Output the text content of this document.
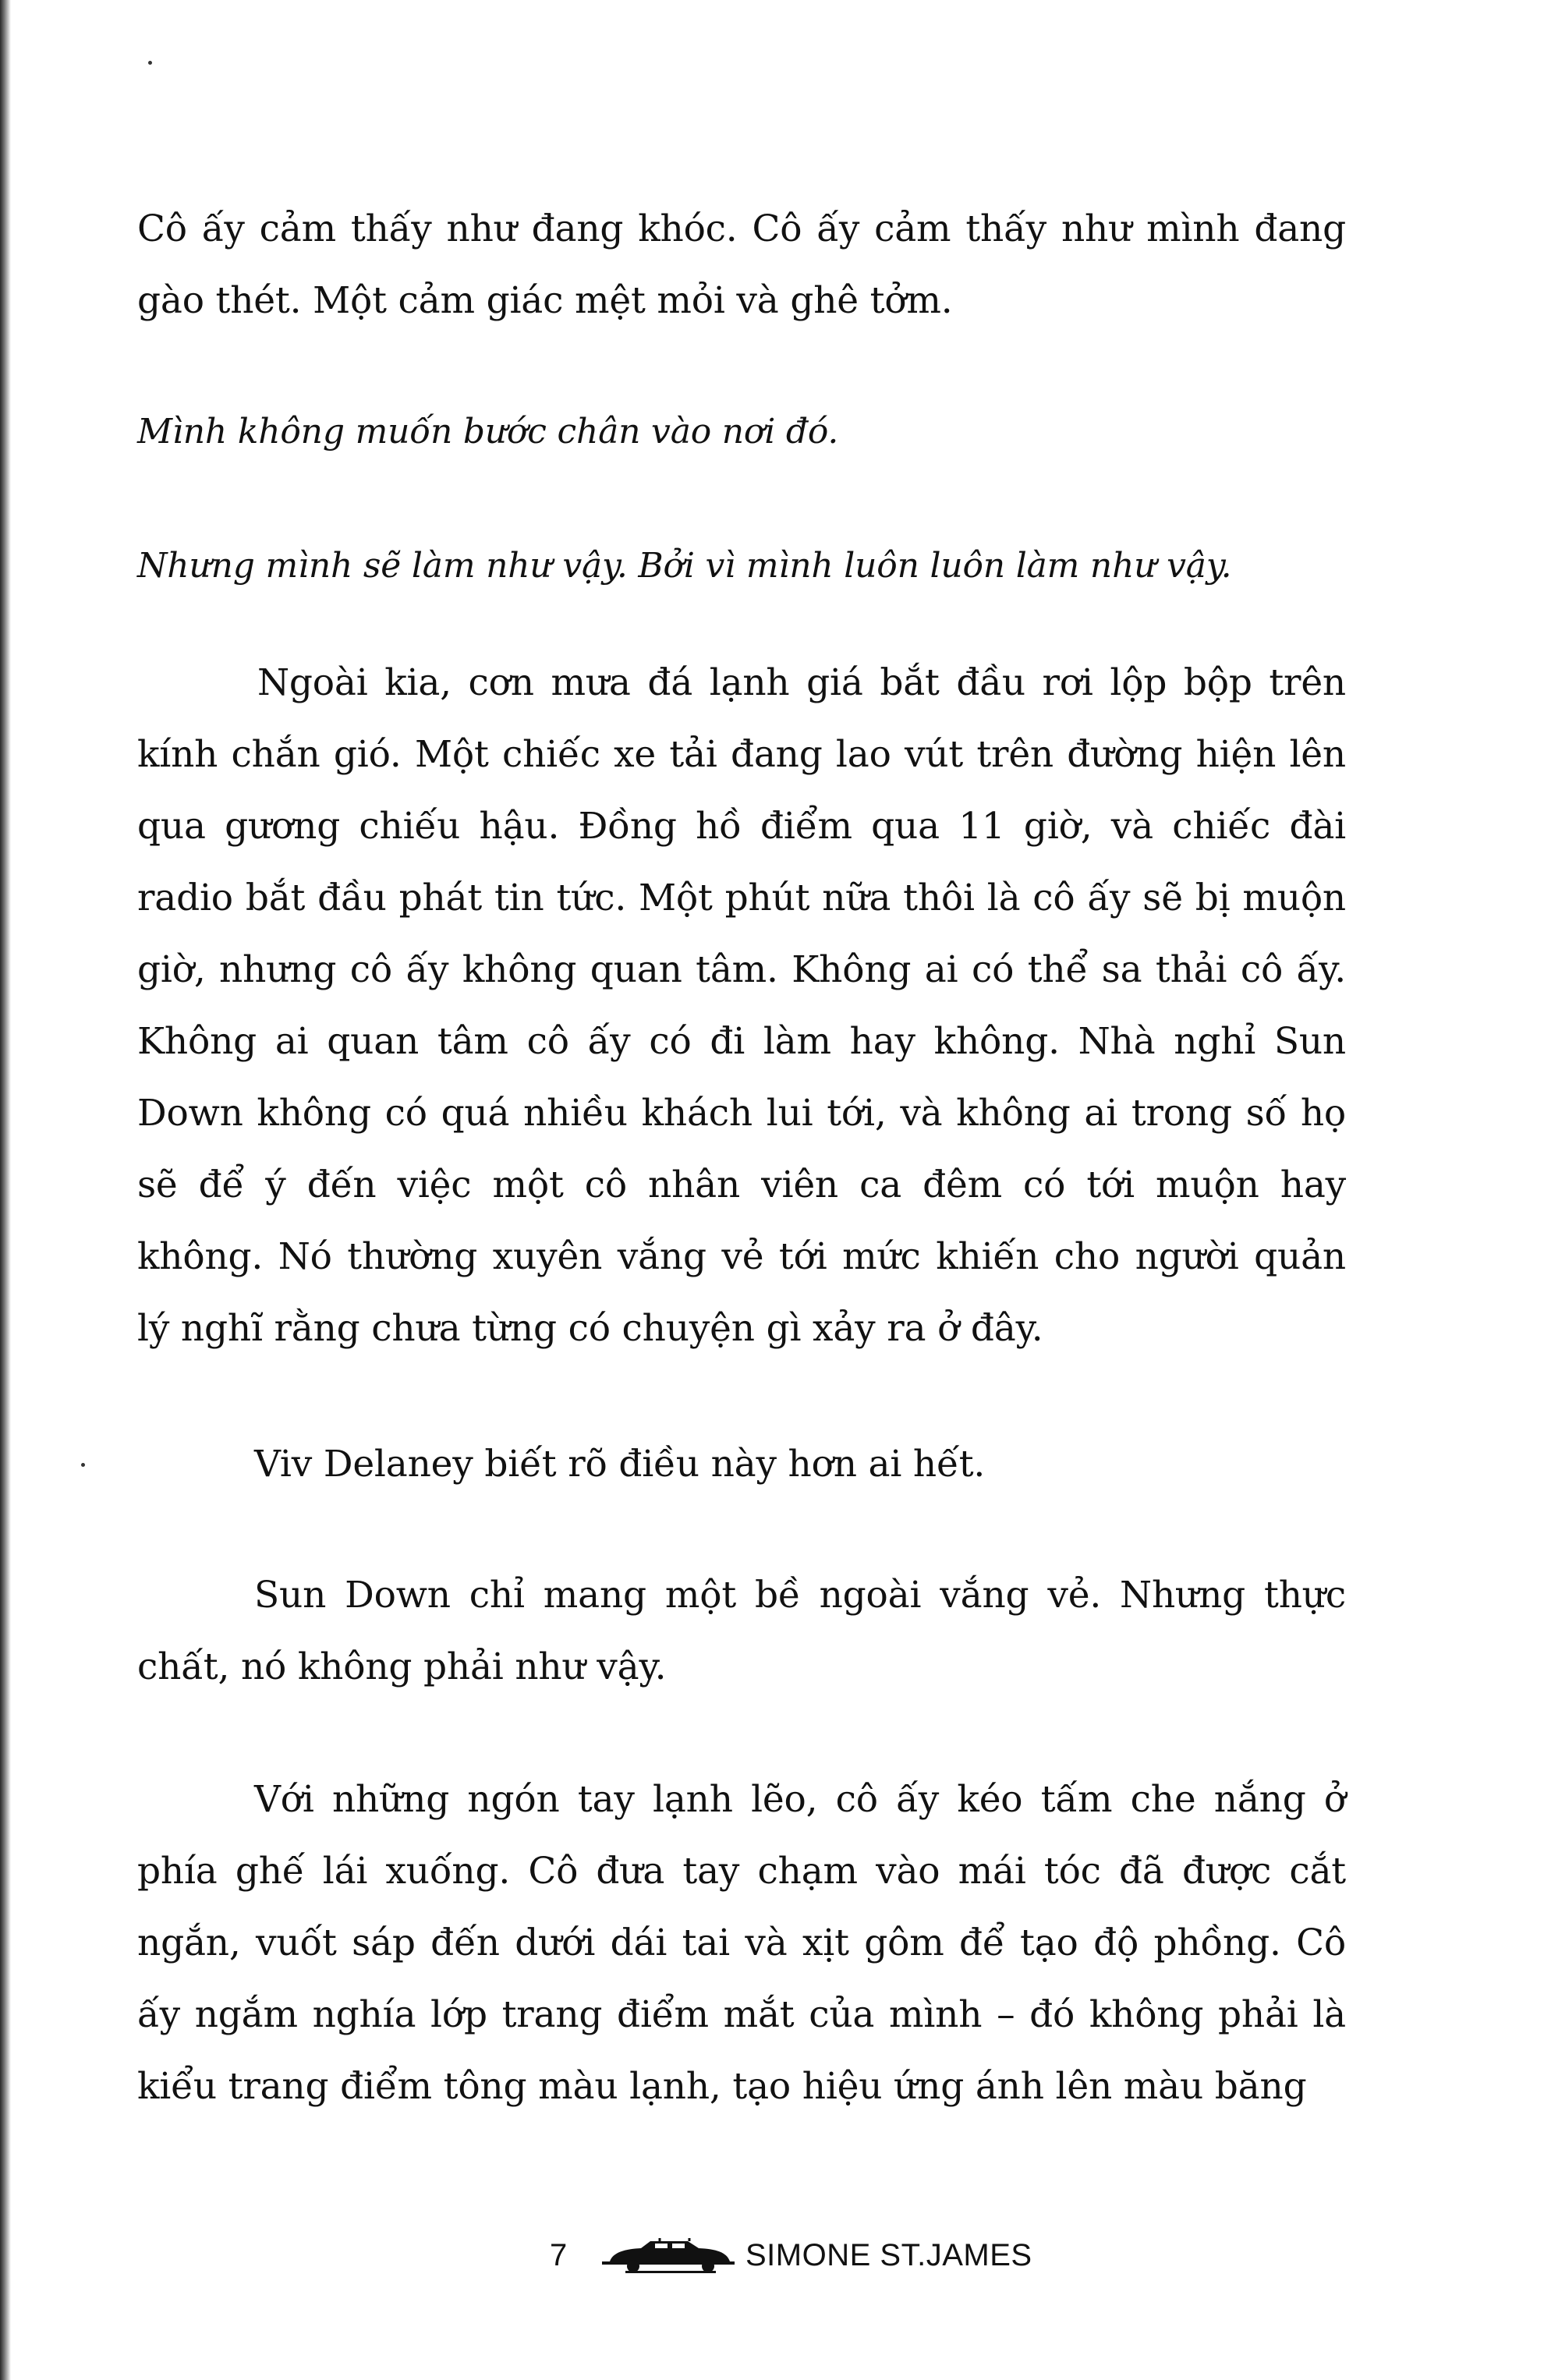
Cô ấy cảm thấy như đang khóc. Cô ấy cảm thấy như mình đang gào thét. Một cảm giác mệt mỏi và ghê tởm.
Mình không muốn bước chân vào nơi đó.
Nhưng mình sẽ làm như vậy. Bởi vì mình luôn luôn làm như vậy.
Ngoài kia, cơn mưa đá lạnh giá bắt đầu rơi lộp bộp trên kính chắn gió. Một chiếc xe tải đang lao vút trên đường hiện lên qua gương chiếu hậu. Đồng hồ điểm qua 11 giờ, và chiếc đài radio bắt đầu phát tin tức. Một phút nữa thôi là cô ấy sẽ bị muộn giờ, nhưng cô ấy không quan tâm. Không ai có thể sa thải cô ấy. Không ai quan tâm cô ấy có đi làm hay không. Nhà nghỉ Sun Down không có quá nhiều khách lui tới, và không ai trong số họ sẽ để ý đến việc một cô nhân viên ca đêm có tới muộn hay không. Nó thường xuyên vắng vẻ tới mức khiến cho người quản lý nghĩ rằng chưa từng có chuyện gì xảy ra ở đây.
Viv Delaney biết rõ điều này hơn ai hết.
Sun Down chỉ mang một bề ngoài vắng vẻ. Nhưng thực chất, nó không phải như vậy.
Với những ngón tay lạnh lẽo, cô ấy kéo tấm che nắng ở phía ghế lái xuống. Cô đưa tay chạm vào mái tóc đã được cắt ngắn, vuốt sáp đến dưới dái tai và xịt gôm để tạo độ phồng. Cô ấy ngắm nghía lớp trang điểm mắt của mình – đó không phải là kiểu trang điểm tông màu lạnh, tạo hiệu ứng ánh lên màu băng
7	SIMONE ST.JAMES
